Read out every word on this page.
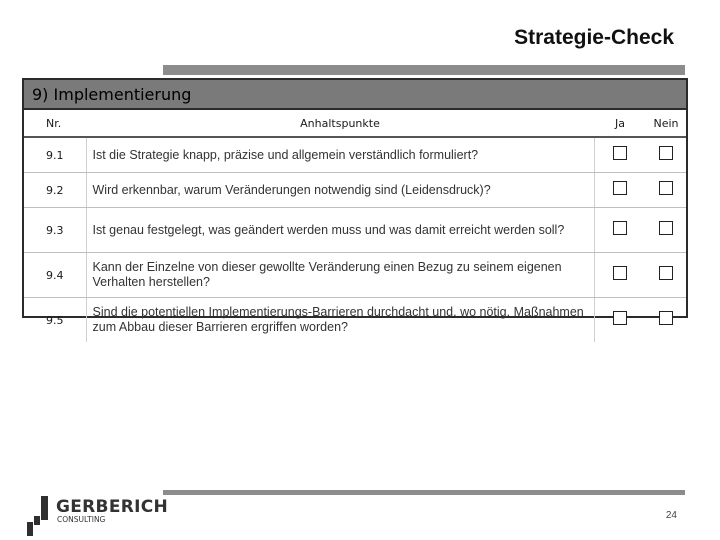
Strategie-Check
9) Implementierung
Nr.	Anhaltspunkte	Ja	Nein
9.1	Ist die Strategie knapp, präzise und allgemein verständlich formuliert?		
9.2	Wird erkennbar, warum Veränderungen notwendig sind (Leidensdruck)?		
9.3	Ist genau festgelegt, was geändert werden muss und was damit erreicht werden soll?		
9.4	Kann der Einzelne von dieser gewollte Veränderung einen Bezug zu seinem eigenen Verhalten herstellen?		
9.5	Sind die potentiellen Implementierungs-Barrieren durchdacht und, wo nötig, Maßnahmen zum Abbau dieser Barrieren ergriffen worden?		
GERBERICH
CONSULTING	24
